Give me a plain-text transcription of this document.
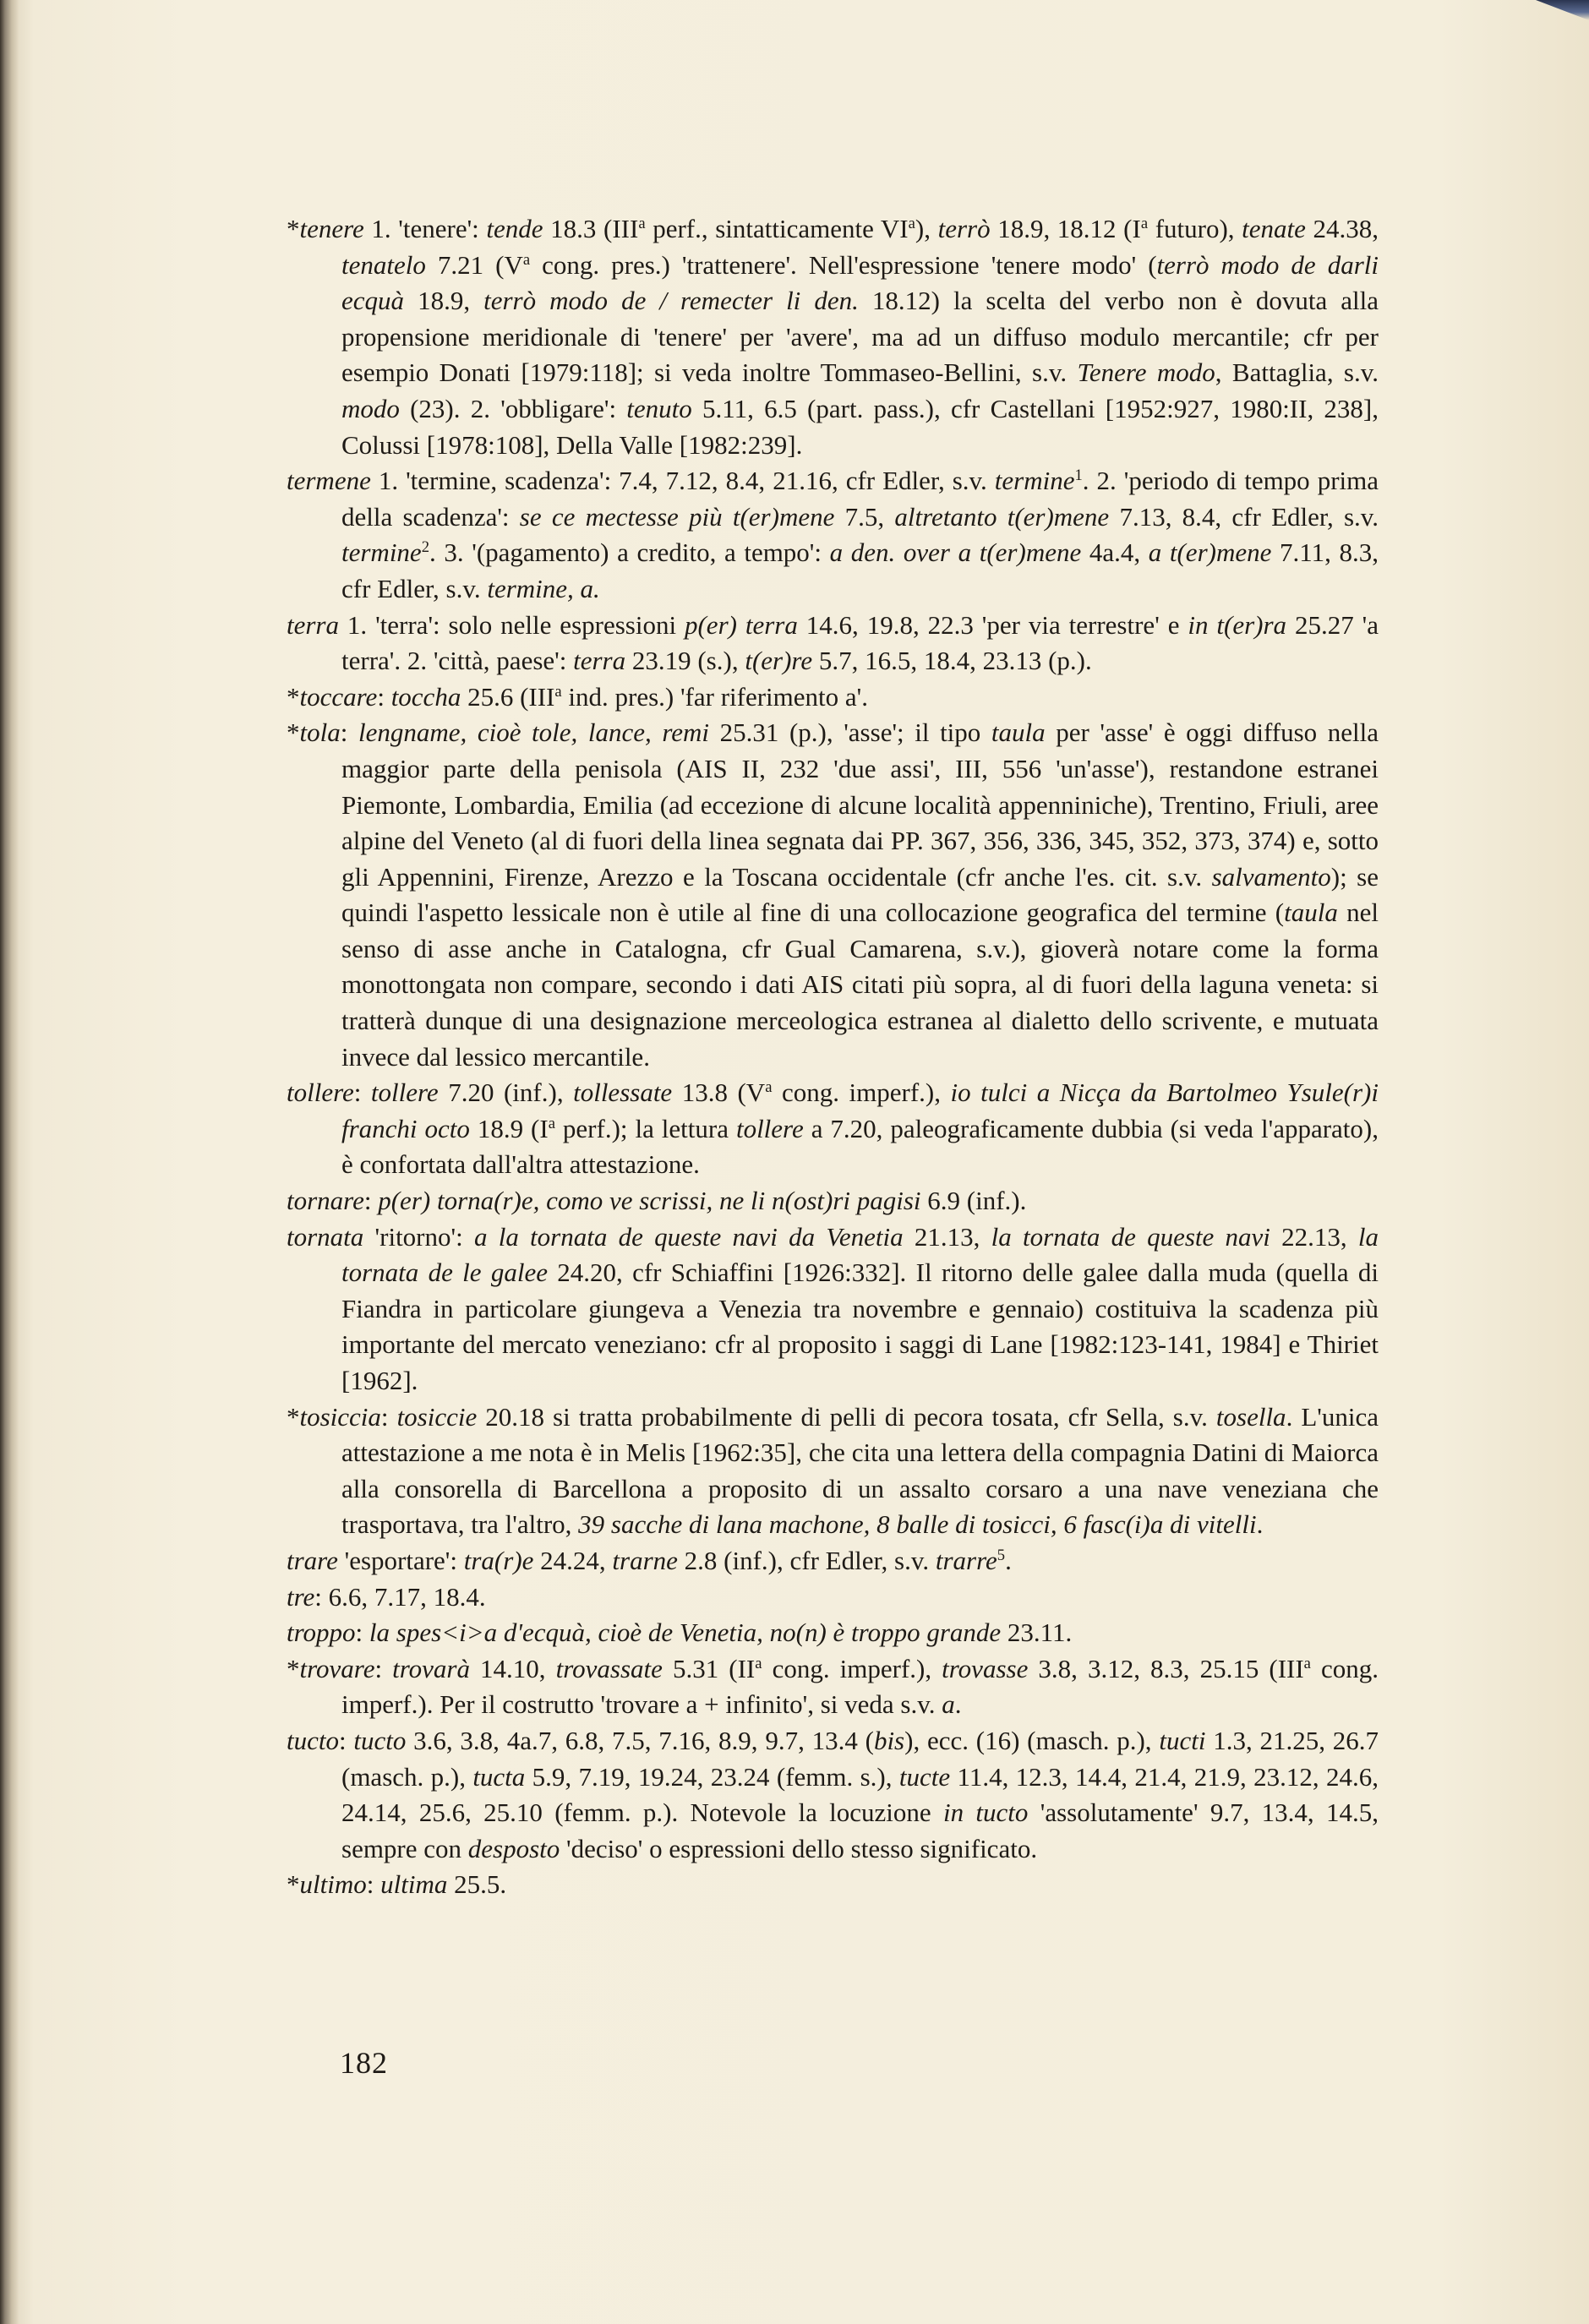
*tenere 1. 'tenere': tende 18.3 (III$^a$ perf., sintatticamente $VI^a$), terrò 18.9, 18.12 ($I^a$ futuro), tenate 24.38, tenatelo 7.21 ($V^a$ cong. pres.) 'trattenere'. Nell'espressione 'tenere modo' (terrò modo de darli ecquà 18.9, terrò modo de / remecter li den. 18.12) la scelta del verbo non è dovuta alla propensione meridionale di 'tenere' per 'avere', ma ad un diffuso modulo mercantile; cfr per esempio Donati [1979:118]; si veda inoltre Tommaseo-Bellini, s.v. Tenere modo, Battaglia, s.v. modo (23). 2. 'obbligare': tenuto 5.11, 6.5 (part. pass.), cfr Castellani [1952:927, 1980:II, 238], Colussi [1978:108], Della Valle [1982:239].

termene 1. 'termine, scadenza': 7.4, 7.12, 8.4, 21.16, cfr Edler, s.v. termine$^1$. 2. 'periodo di tempo prima della scadenza': se ce mectesse più t(er)mene 7.5, altretanto t(er)mene 7.13, 8.4, cfr Edler, s.v. termine$^2$. 3. '(pagamento) a credito, a tempo': a den. over a t(er)mene 4a.4, a t(er)mene 7.11, 8.3, cfr Edler, s.v. termine, a.

terra 1. 'terra': solo nelle espressioni p(er) terra 14.6, 19.8, 22.3 'per via terrestre' e in t(er)ra 25.27 'a terra'. 2. 'città, paese': terra 23.19 (s.), t(er)re 5.7, 16.5, 18.4, 23.13 (p.).

*toccare: toccha 25.6 (III$^a$ ind. pres.) 'far riferimento a'.

*tola: lengname, cioè tole, lance, remi 25.31 (p.), 'asse'; il tipo taula per 'asse' è oggi diffuso nella maggior parte della penisola (AIS II, 232 'due assi', III, 556 'un'asse'), restandone estranei Piemonte, Lombardia, Emilia (ad eccezione di alcune località appenniniche), Trentino, Friuli, aree alpine del Veneto (al di fuori della linea segnata dai PP. 367, 356, 336, 345, 352, 373, 374) e, sotto gli Appennini, Firenze, Arezzo e la Toscana occidentale (cfr anche l'es. cit. s.v. salvamento); se quindi l'aspetto lessicale non è utile al fine di una collocazione geografica del termine (taula nel senso di asse anche in Catalogna, cfr Gual Camarena, s.v.), gioverà notare come la forma monottongata non compare, secondo i dati AIS citati più sopra, al di fuori della laguna veneta: si tratterà dunque di una designazione merceologica estranea al dialetto dello scrivente, e mutuata invece dal lessico mercantile.

tollere: tollere 7.20 (inf.), tollessate 13.8 ($V^a$ cong. imperf.), io tulci a Nicça da Bartolmeo Ysule(r)i franchi octo 18.9 ($I^a$ perf.); la lettura tollere a 7.20, paleograficamente dubbia (si veda l'apparato), è confortata dall'altra attestazione.

tornare: p(er) torna(r)e, como ve scrissi, ne li n(ost)ri pagisi 6.9 (inf.).

tornata 'ritorno': a la tornata de queste navi da Venetia 21.13, la tornata de queste navi 22.13, la tornata de le galee 24.20, cfr Schiaffini [1926:332]. Il ritorno delle galee dalla muda (quella di Fiandra in particolare giungeva a Venezia tra novembre e gennaio) costituiva la scadenza più importante del mercato veneziano: cfr al proposito i saggi di Lane [1982:123-141, 1984] e Thiriet [1962].

*tosiccia: tosiccie 20.18 si tratta probabilmente di pelli di pecora tosata, cfr Sella, s.v. tosella. L'unica attestazione a me nota è in Melis [1962:35], che cita una lettera della compagnia Datini di Maiorca alla consorella di Barcellona a proposito di un assalto corsaro a una nave veneziana che trasportava, tra l'altro, 39 sacche di lana machone, 8 balle di tosicci, 6 fasc(i)a di vitelli.

trare 'esportare': tra(r)e 24.24, trarne 2.8 (inf.), cfr Edler, s.v. trarre$^5$.

tre: 6.6, 7.17, 18.4.

troppo: la spes<i>a d'ecquà, cioè de Venetia, no(n) è troppo grande 23.11.

*trovare: trovarà 14.10, trovassate 5.31 ($II^a$ cong. imperf.), trovasse 3.8, 3.12, 8.3, 25.15 (III$^a$ cong. imperf.). Per il costrutto 'trovare a + infinito', si veda s.v. a.

tucto: tucto 3.6, 3.8, 4a.7, 6.8, 7.5, 7.16, 8.9, 9.7, 13.4 (bis), ecc. (16) (masch. p.), tucti 1.3, 21.25, 26.7 (masch. p.), tucta 5.9, 7.19, 19.24, 23.24 (femm. s.), tucte 11.4, 12.3, 14.4, 21.4, 21.9, 23.12, 24.6, 24.14, 25.6, 25.10 (femm. p.). Notevole la locuzione in tucto 'assolutamente' 9.7, 13.4, 14.5, sempre con desposto 'deciso' o espressioni dello stesso significato.

*ultimo: ultima 25.5.

182
